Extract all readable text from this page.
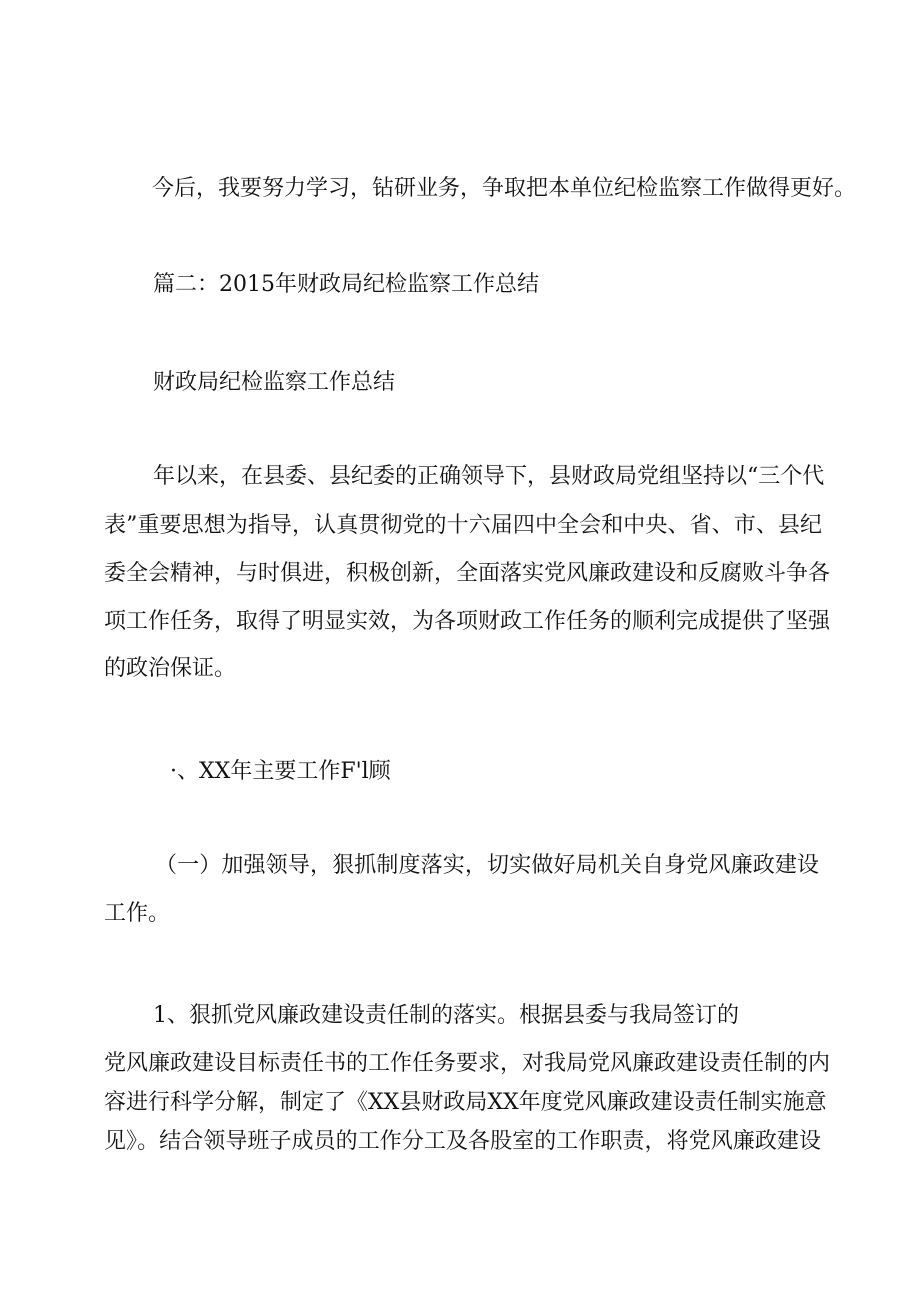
今后，我要努力学习，钻研业务，争取把本单位纪检监察工作做得更好。

篇二：2015年财政局纪检监察工作总结

财政局纪检监察工作总结

年以来，在县委、县纪委的正确领导下，县财政局党组坚持以“三个代

表”重要思想为指导，认真贯彻党的十六届四中全会和中央、省、市、县纪

委全会精神，与时俱进，积极创新，全面落实党风廉政建设和反腐败斗争各

项工作任务，取得了明显实效，为各项财政工作任务的顺利完成提供了坚强

的政治保证。

·、XX年主要工作F'l顾

（一）加强领导，狠抓制度落实，切实做好局机关自身党风廉政建设

工作。

1、狠抓党风廉政建设责任制的落实。根据县委与我局签订的

党风廉政建设目标责任书的工作任务要求，对我局党风廉政建设责任制的内

容进行科学分解，制定了《XX县财政局XX年度党风廉政建设责任制实施意

见》。结合领导班子成员的工作分工及各股室的工作职责，将党风廉政建设
